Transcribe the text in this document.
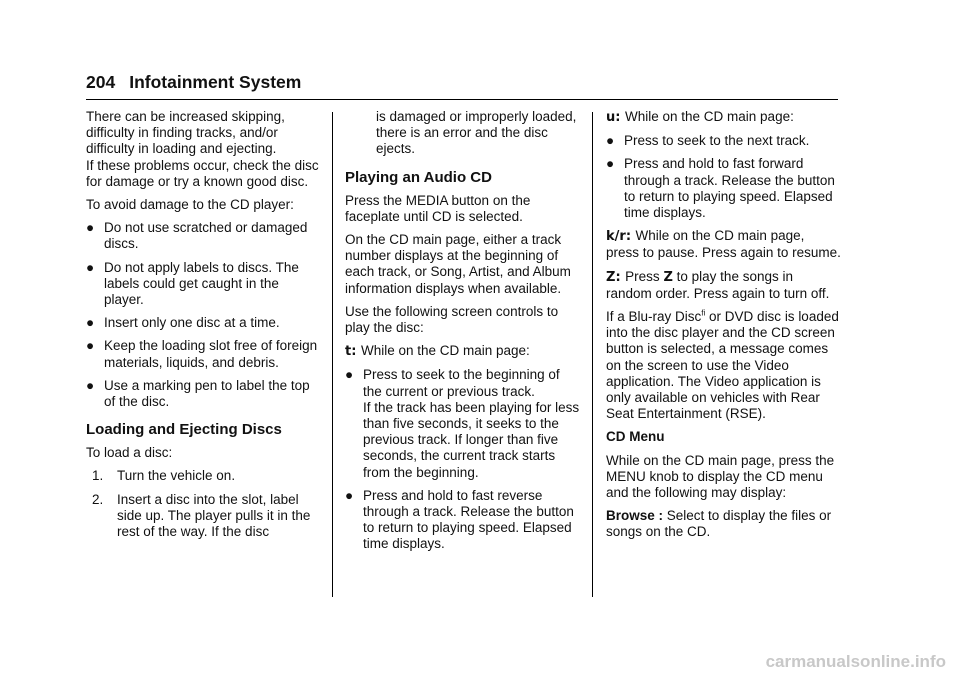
204 Infotainment System

There can be increased skipping, difficulty in finding tracks, and/or difficulty in loading and ejecting.

If these problems occur, check the disc for damage or try a known good disc.

To avoid damage to the CD player:

● Do not use scratched or damaged discs.
● Do not apply labels to discs. The labels could get caught in the player.
● Insert only one disc at a time.
● Keep the loading slot free of foreign materials, liquids, and debris.
● Use a marking pen to label the top of the disc.
Loading and Ejecting Discs

To load a disc:

1. Turn the vehicle on.
2. Insert a disc into the slot, label side up. The player pulls it in the rest of the way. If the disc

is damaged or improperly loaded, there is an error and the disc ejects.

Playing an Audio CD

Press the MEDIA button on the faceplate until CD is selected.

On the CD main page, either a track number displays at the beginning of each track, or Song, Artist, and Album information displays when available.

Use the following screen controls to play the disc:

t: While on the CD main page:

● Press to seek to the beginning of the current or previous track.
If the track has been playing for less than five seconds, it seeks to the previous track. If longer than five seconds, the current track starts from the beginning.
● Press and hold to fast reverse through a track. Release the button to return to playing speed. Elapsed time displays.

u: While on the CD main page:

● Press to seek to the next track.
● Press and hold to fast forward through a track. Release the button to return to playing speed. Elapsed time displays.

k/r: While on the CD main page, press to pause. Press again to resume.

Z: Press Z to play the songs in random order. Press again to turn off.

If a Blu-ray Disc$^{fi}$ or DVD disc is loaded into the disc player and the CD screen button is selected, a message comes on the screen to use the Video application. The Video application is only available on vehicles with Rear Seat Entertainment (RSE).

CD Menu

While on the CD main page, press the MENU knob to display the CD menu and the following may display:

Browse : Select to display the files or songs on the CD.

carmanualsonline.info
